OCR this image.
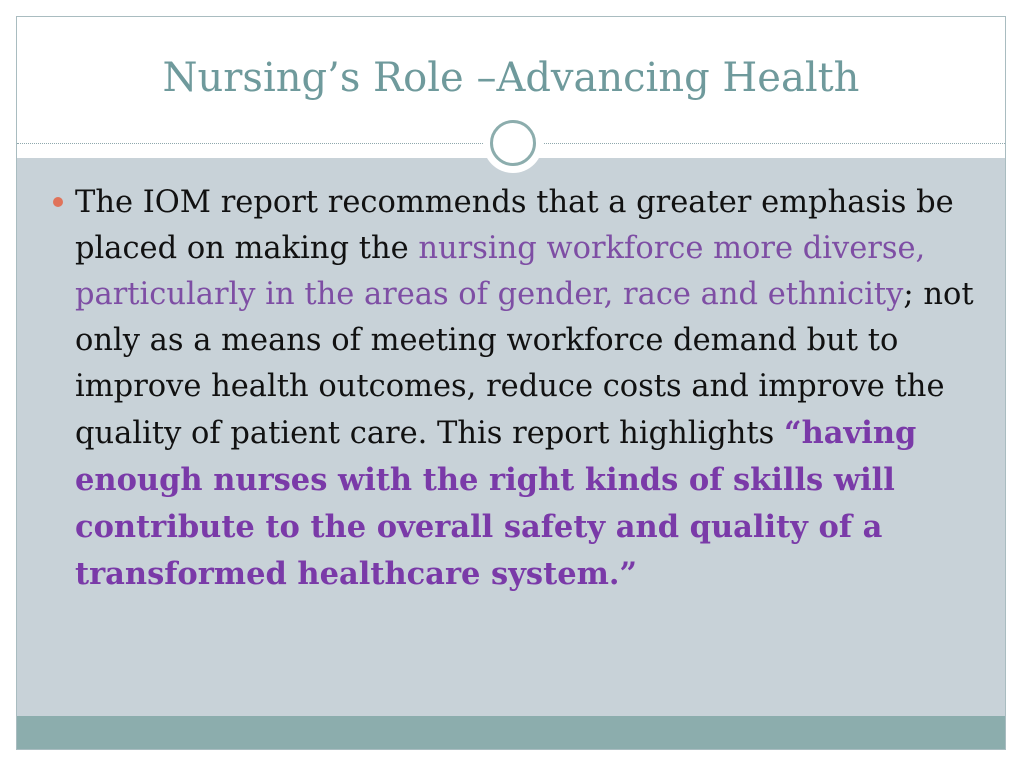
Nursing’s Role –Advancing Health
The IOM report recommends that a greater emphasis be placed on making the nursing workforce more diverse, particularly in the areas of gender, race and ethnicity; not only as a means of meeting workforce demand but to improve health outcomes, reduce costs and improve the quality of patient care. This report highlights “having enough nurses with the right kinds of skills will contribute to the overall safety and quality of a transformed healthcare system.”
